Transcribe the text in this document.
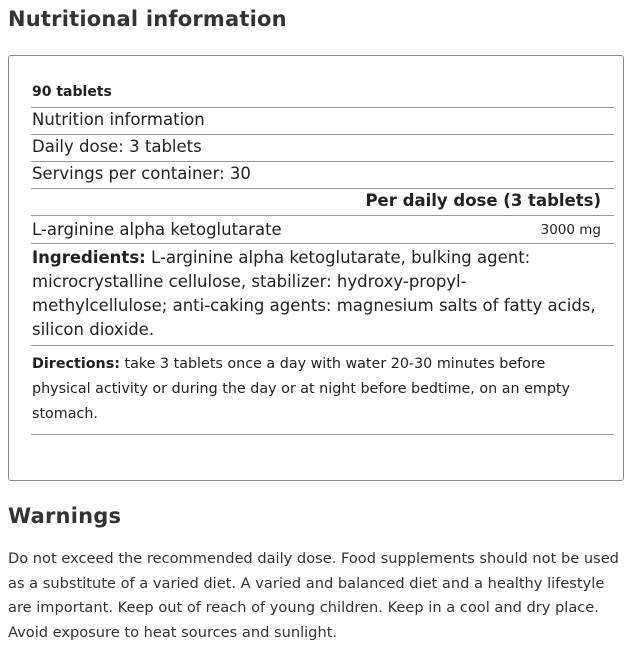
Nutritional information
90 tablets
Nutrition information
Daily dose: 3 tablets
Servings per container: 30
Per daily dose (3 tablets)
L-arginine alpha ketoglutarate	3000 mg
Ingredients: L-arginine alpha ketoglutarate, bulking agent: microcrystalline cellulose, stabilizer: hydroxy-propyl-methylcellulose; anti-caking agents: magnesium salts of fatty acids, silicon dioxide.
Directions: take 3 tablets once a day with water 20-30 minutes before physical activity or during the day or at night before bedtime, on an empty stomach.
Warnings

Do not exceed the recommended daily dose. Food supplements should not be used as a substitute of a varied diet. A varied and balanced diet and a healthy lifestyle are important. Keep out of reach of young children. Keep in a cool and dry place. Avoid exposure to heat sources and sunlight.
